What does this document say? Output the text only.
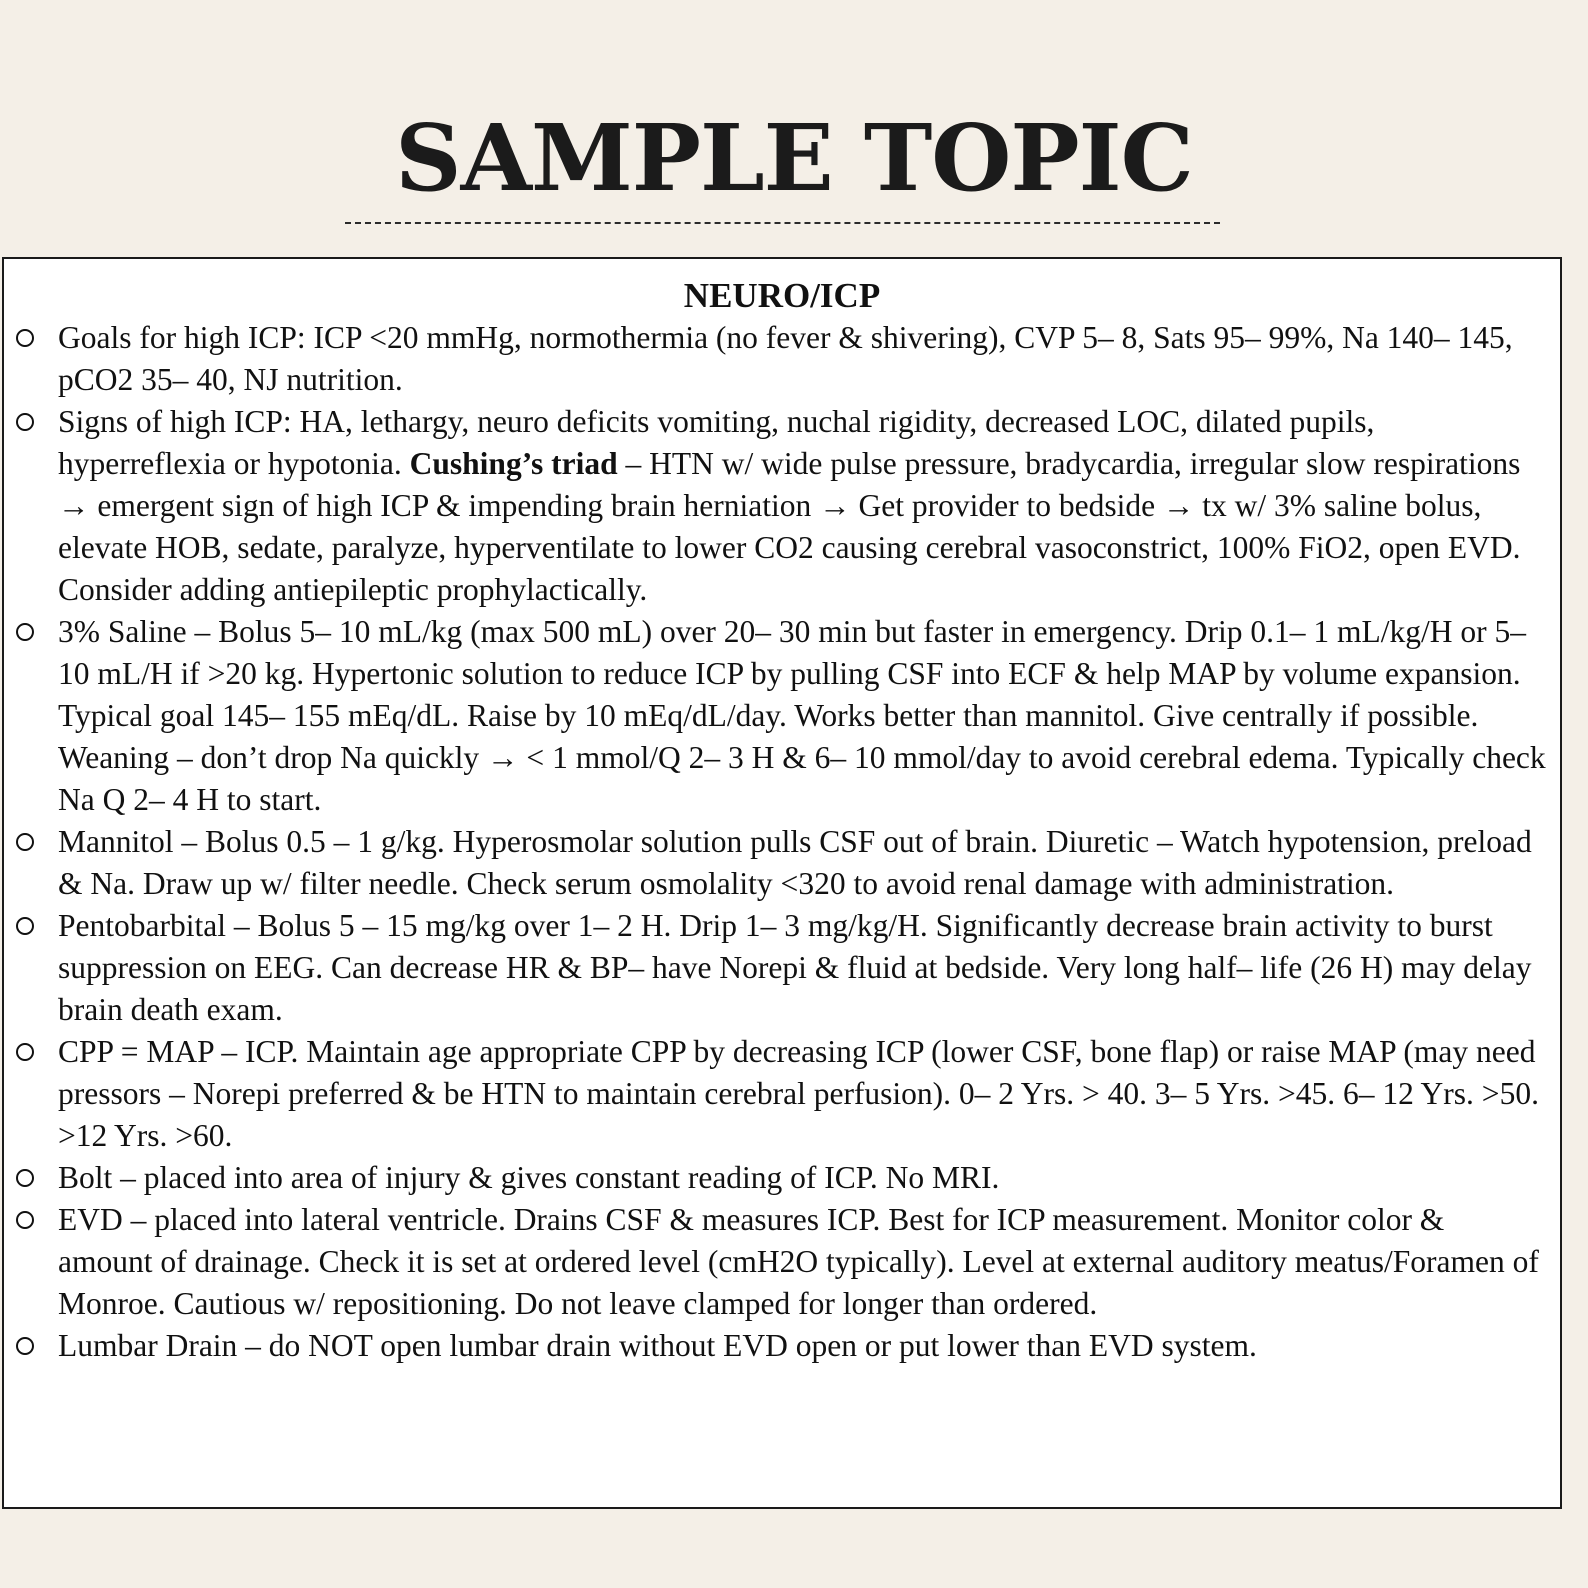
SAMPLE TOPIC
NEURO/ICP
Goals for high ICP: ICP <20 mmHg, normothermia (no fever & shivering), CVP 5– 8, Sats 95– 99%, Na 140– 145, pCO2 35– 40, NJ nutrition.
Signs of high ICP: HA, lethargy, neuro deficits vomiting, nuchal rigidity, decreased LOC, dilated pupils, hyperreflexia or hypotonia. Cushing’s triad – HTN w/ wide pulse pressure, bradycardia, irregular slow respirations → emergent sign of high ICP & impending brain herniation → Get provider to bedside → tx w/ 3% saline bolus, elevate HOB, sedate, paralyze, hyperventilate to lower CO2 causing cerebral vasoconstrict, 100% FiO2, open EVD. Consider adding antiepileptic prophylactically.
3% Saline – Bolus 5– 10 mL/kg (max 500 mL) over 20– 30 min but faster in emergency. Drip 0.1– 1 mL/kg/H or 5– 10 mL/H if >20 kg. Hypertonic solution to reduce ICP by pulling CSF into ECF & help MAP by volume expansion. Typical goal 145– 155 mEq/dL. Raise by 10 mEq/dL/day. Works better than mannitol. Give centrally if possible. Weaning – don’t drop Na quickly → < 1 mmol/Q 2– 3 H & 6– 10 mmol/day to avoid cerebral edema. Typically check Na Q 2– 4 H to start.
Mannitol – Bolus 0.5 – 1 g/kg. Hyperosmolar solution pulls CSF out of brain. Diuretic – Watch hypotension, preload & Na. Draw up w/ filter needle. Check serum osmolality <320 to avoid renal damage with administration.
Pentobarbital – Bolus 5 – 15 mg/kg over 1– 2 H. Drip 1– 3 mg/kg/H. Significantly decrease brain activity to burst suppression on EEG. Can decrease HR & BP– have Norepi & fluid at bedside. Very long half– life (26 H) may delay brain death exam.
CPP = MAP – ICP. Maintain age appropriate CPP by decreasing ICP (lower CSF, bone flap) or raise MAP (may need pressors – Norepi preferred & be HTN to maintain cerebral perfusion). 0– 2 Yrs. > 40. 3– 5 Yrs. >45. 6– 12 Yrs. >50. >12 Yrs. >60.
Bolt – placed into area of injury & gives constant reading of ICP. No MRI.
EVD – placed into lateral ventricle. Drains CSF & measures ICP. Best for ICP measurement. Monitor color & amount of drainage. Check it is set at ordered level (cmH2O typically). Level at external auditory meatus/Foramen of Monroe. Cautious w/ repositioning. Do not leave clamped for longer than ordered.
Lumbar Drain – do NOT open lumbar drain without EVD open or put lower than EVD system.
